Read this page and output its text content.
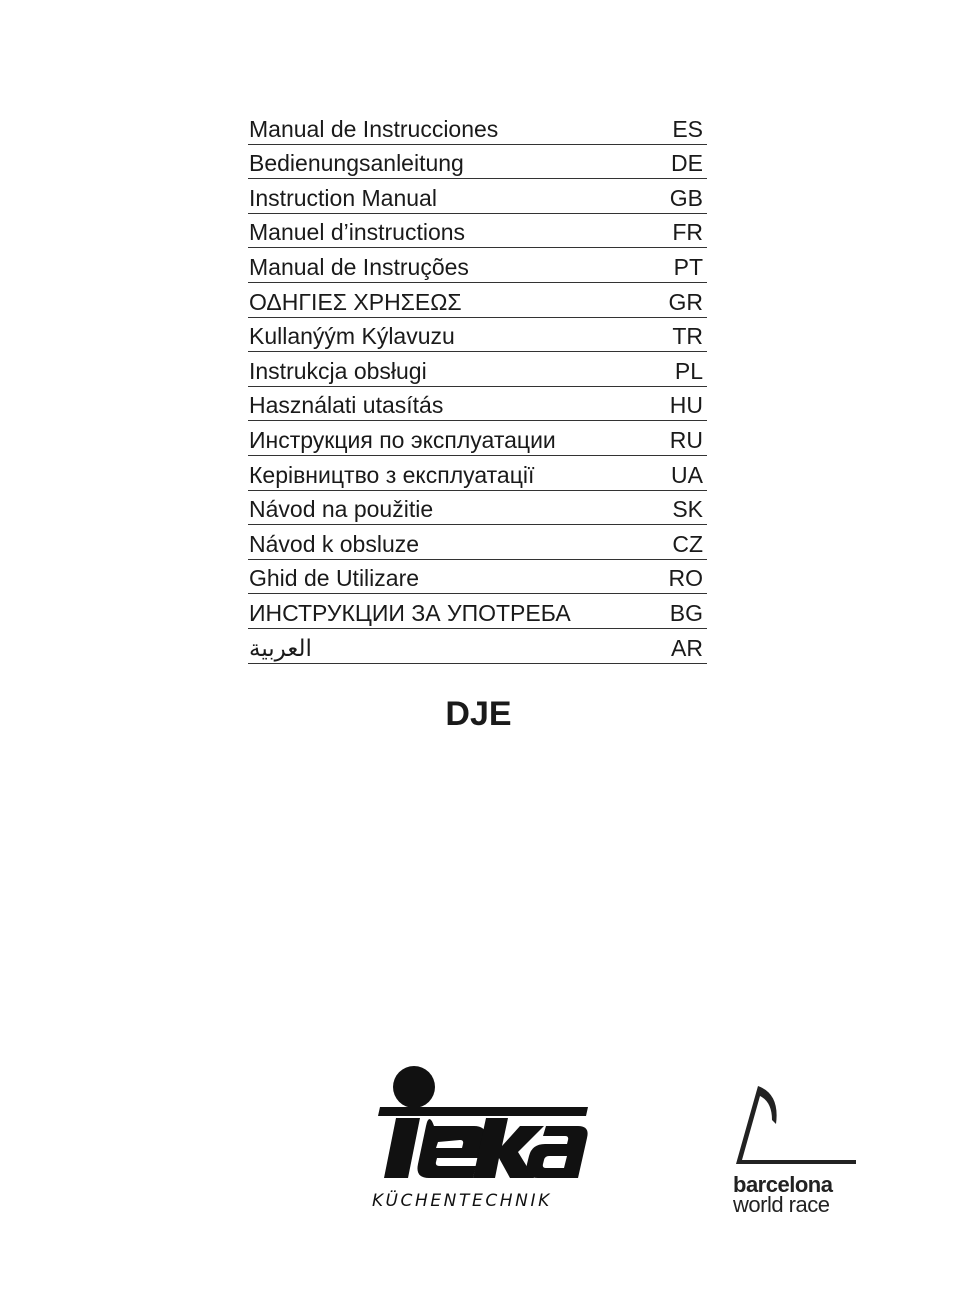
Manual de Instrucciones	ES
Bedienungsanleitung	DE
Instruction Manual	GB
Manuel d’instructions	FR
Manual de Instruções	PT
ΟΔΗΓΙΕΣ ΧΡΗΣΕΩΣ	GR
Kullanýým Kýlavuzu	TR
Instrukcja obsługi	PL
Használati utasítás	HU
Инструкция по эксплуатации	RU
Керівництво з експлуатації	UA
Návod na použitie	SK
Návod k obsluze	CZ
Ghid de Utilizare	RO
ИНСТРУКЦИИ ЗА УПОТРЕБА	BG
العربية	AR
DJE
KÜCHENTECHNIK
barcelona
world race
